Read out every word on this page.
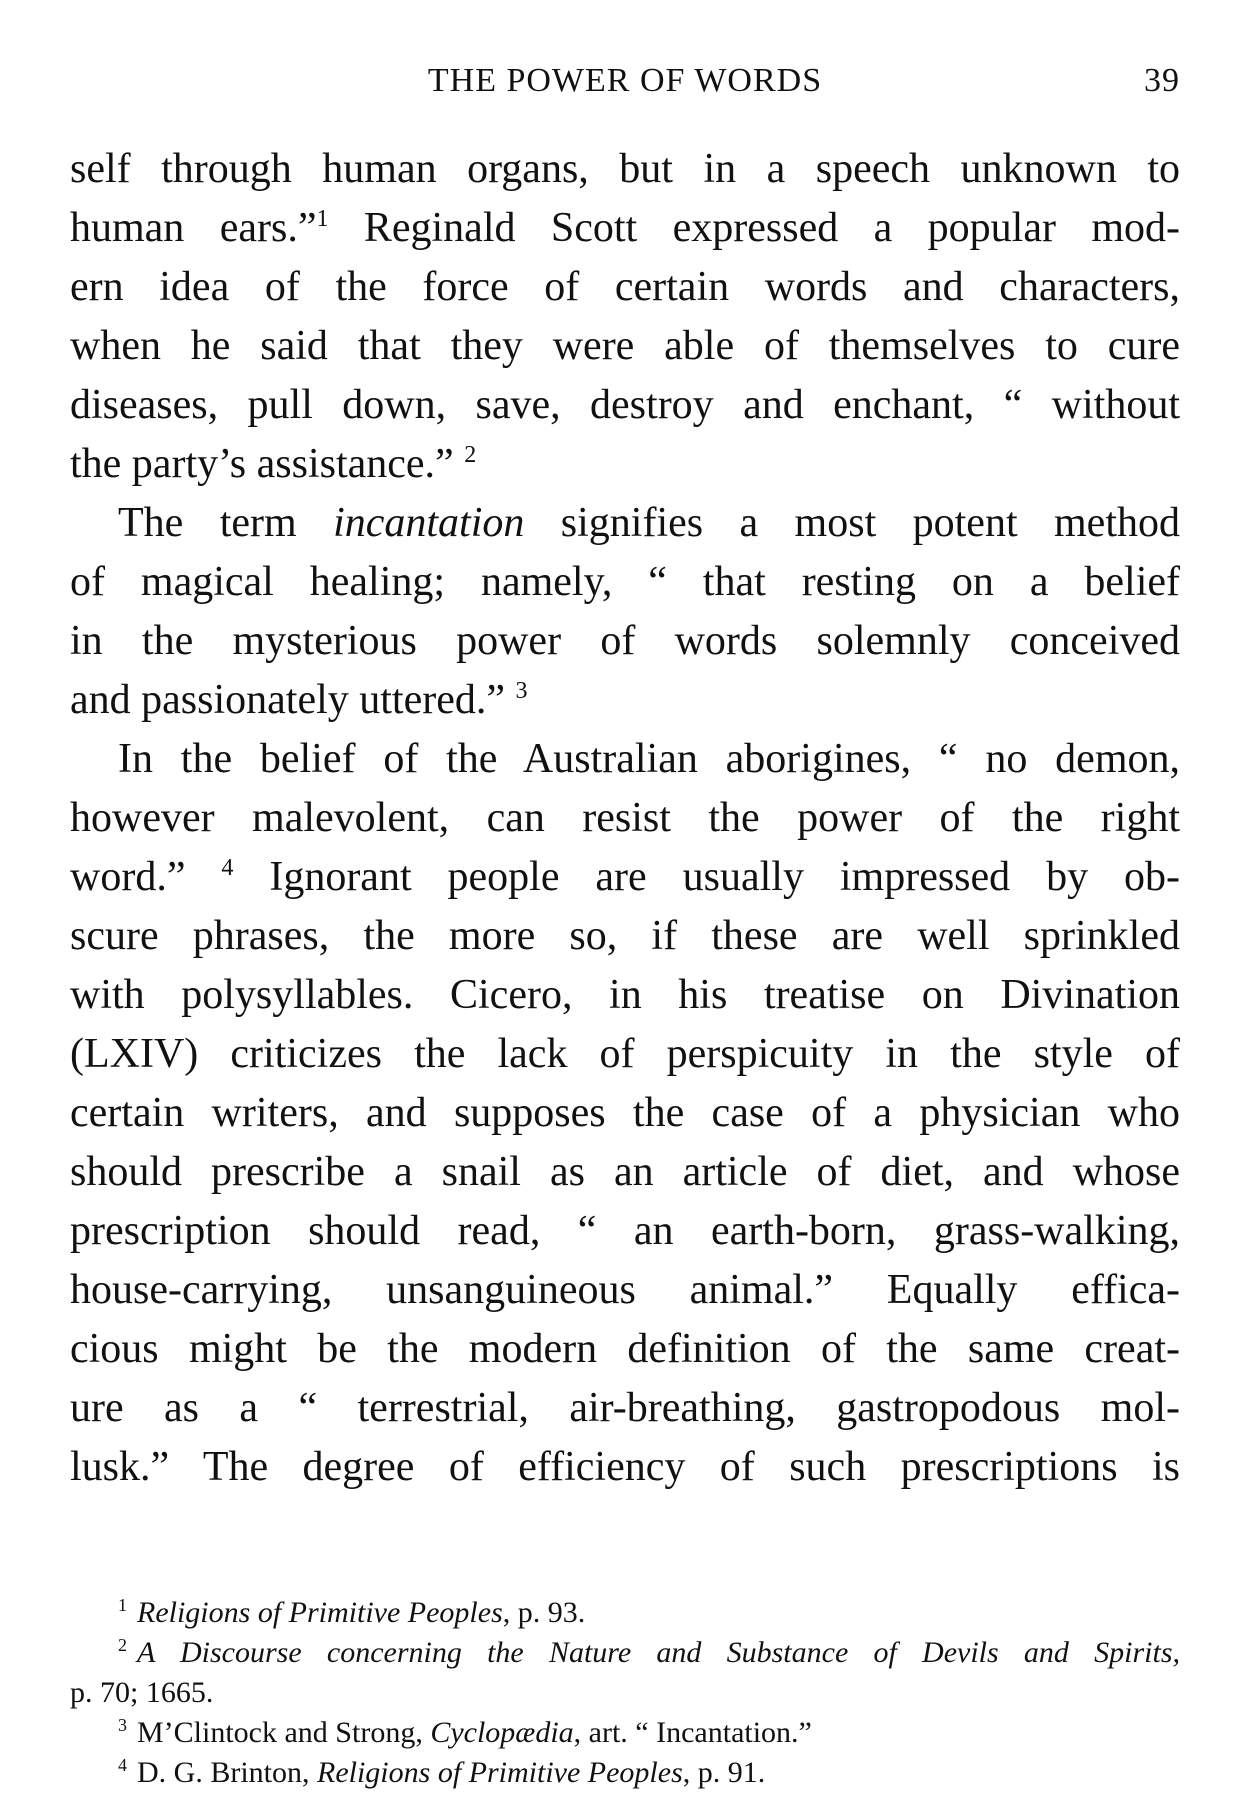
THE POWER OF WORDS	39
self through human organs, but in a speech unknown to
human ears.”$^1$ Reginald Scott expressed a popular mod-
ern idea of the force of certain words and characters,
when he said that they were able of themselves to cure
diseases, pull down, save, destroy and enchant, “ without
the party’s assistance.” $^2$
The term incantation signifies a most potent method
of magical healing; namely, “ that resting on a belief
in the mysterious power of words solemnly conceived
and passionately uttered.” $^3$
In the belief of the Australian aborigines, “ no demon,
however malevolent, can resist the power of the right
word.” $^4$ Ignorant people are usually impressed by ob-
scure phrases, the more so, if these are well sprinkled
with polysyllables. Cicero, in his treatise on Divination
(LXIV) criticizes the lack of perspicuity in the style of
certain writers, and supposes the case of a physician who
should prescribe a snail as an article of diet, and whose
prescription should read, “ an earth-born, grass-walking,
house-carrying, unsanguineous animal.” Equally effica-
cious might be the modern definition of the same creat-
ure as a “ terrestrial, air-breathing, gastropodous mol-
lusk.” The degree of efficiency of such prescriptions is
$^1$ Religions of Primitive Peoples, p. 93.
$^2$ A Discourse concerning the Nature and Substance of Devils and Spirits,
p. 70; 1665.
$^3$ M’Clintock and Strong, Cyclopædia, art. “ Incantation.”
$^4$ D. G. Brinton, Religions of Primitive Peoples, p. 91.
